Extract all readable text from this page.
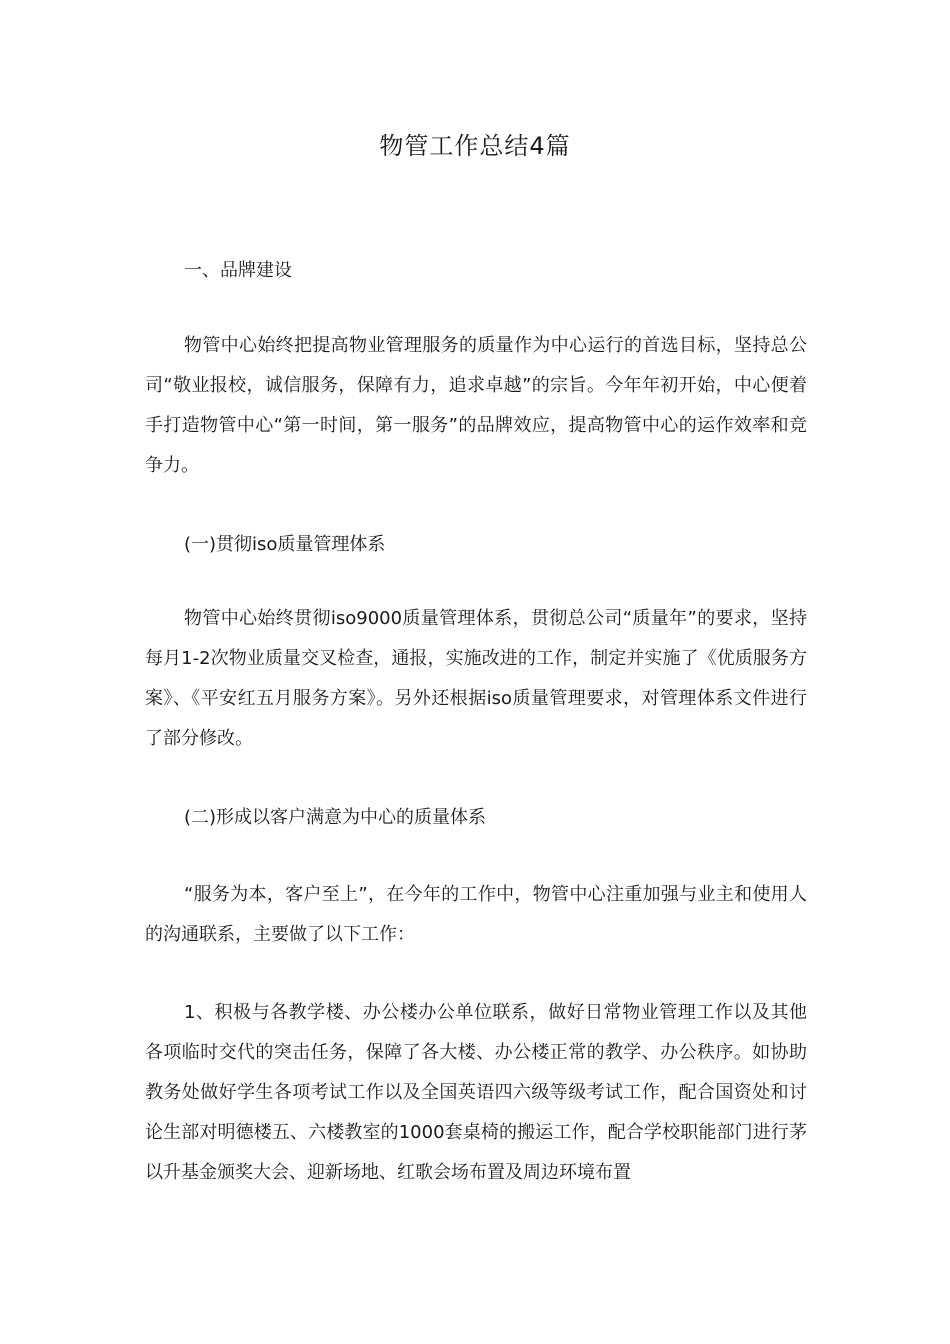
物管工作总结4篇
一、品牌建设
物管中心始终把提高物业管理服务的质量作为中心运行的首选目标，坚持总公司“敬业报校，诚信服务，保障有力，追求卓越”的宗旨。今年年初开始，中心便着手打造物管中心“第一时间，第一服务”的品牌效应，提高物管中心的运作效率和竞争力。
(一)贯彻iso质量管理体系
物管中心始终贯彻iso9000质量管理体系，贯彻总公司“质量年”的要求，坚持每月1-2次物业质量交叉检查，通报，实施改进的工作，制定并实施了《优质服务方案》、《平安红五月服务方案》。另外还根据iso质量管理要求，对管理体系文件进行了部分修改。
(二)形成以客户满意为中心的质量体系
“服务为本，客户至上”，在今年的工作中，物管中心注重加强与业主和使用人的沟通联系，主要做了以下工作：
1、积极与各教学楼、办公楼办公单位联系，做好日常物业管理工作以及其他各项临时交代的突击任务，保障了各大楼、办公楼正常的教学、办公秩序。如协助教务处做好学生各项考试工作以及全国英语四六级等级考试工作，配合国资处和讨论生部对明德楼五、六楼教室的1000套桌椅的搬运工作，配合学校职能部门进行茅以升基金颁奖大会、迎新场地、红歌会场布置及周边环境布置
